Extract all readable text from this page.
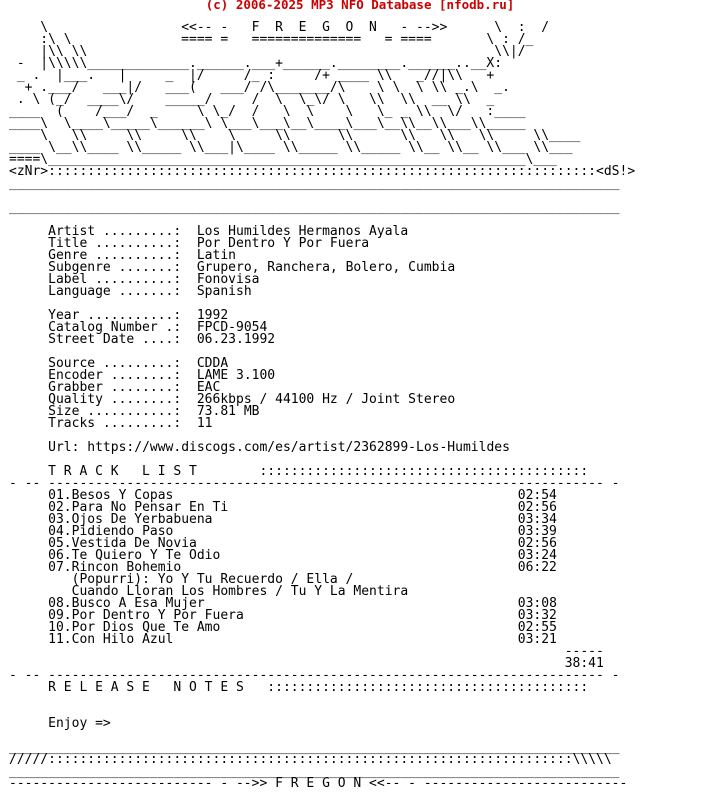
(c) 2006-2025 MP3 NFO Database [nfodb.ru]
\                 <<-- -   F  R  E  G  O  N   - -->>	\  :  /
:\ \              ==== =   ==============   = ====       \ : /_
|\\ \\                                                    \\|/
-  |\\\\\_____________.______.___+______.________.______..__X:
_ .  |___.   |     _  |/     /_ :     /+ ____ \\   _//|\\   +
+ .___/   ___|/   ___(   ___/ /\_______/\    \ \  \ \\ _.\  _.
. \ (_/  ____\/    _____/     /  \  \_\/ \   \\  \\  __ \\  _
____  (    /___/  _     \ \_/  /   \  \    \   \_ _ \\  \/   :____
____\  \____\_____\______\ \___\___\__\____\___\__\\__\\___\\_____
\   \\     \\     \\    \     \\      \\      \\   \\   \\     \\____
____ \__\\____ \\_____ \\___|\____ \\_____ \\_____ \\__ \\__ \\___ \\___
====\_____________________________________________________________\___
<zNr>::::::::::::::::::::::::::::::::::::::::::::::::::::::::::::::::::::::<dS!>
______________________________________________________________________________

______________________________________________________________________________

Artist .........: Los Humildes Hermanos Ayala
Title ..........: Por Dentro Y Por Fuera
Genre ..........: Latin
Subgenre .......: Grupero, Ranchera, Bolero, Cumbia
Label ..........: Fonovisa
Language .......: Spanish

Year ...........: 1992
Catalog Number .: FPCD-9054
Street Date ....: 06.23.1992

Source .........: CDDA
Encoder ........: LAME 3.100
Grabber ........: EAC
Quality ........: 266kbps / 44100 Hz / Joint Stereo
Size ...........: 73.81 MB
Tracks .........: 11

Url: https://www.discogs.com/es/artist/2362899-Los-Humildes

T R A C K   L I S T	::::::::::::::::::::::::::::::::::::::::::
- -- ----------------------------------------------------------------------- -
01.Besos Y Copas	02:54
02.Para No Pensar En Ti	02:56
03.Ojos De Yerbabuena	03:34
04.Pidiendo Paso	03:39
05.Vestida De Novia	02:56
06.Te Quiero Y Te Odio	03:24
07.Rincon Bohemio	06:22
(Popurri): Yo Y Tu Recuerdo / Ella /
Cuando Lloran Los Hombres / Tu Y La Mentira
08.Busco A Esa Mujer	03:08
09.Por Dentro Y Por Fuera	03:32
10.Por Dios Que Te Amo	02:55
11.Con Hilo Azul	03:21
-----
38:41
- -- ----------------------------------------------------------------------- -
R E L E A S E   N O T E S   :::::::::::::::::::::::::::::::::::::::::

Enjoy =>

______________________________________________________________________________
/////:::::::::::::::::::::::::::::::::::::::::::::::::::::::::::::::::::\\\\\
______________________________________________________________________________
-------------------------- - -->> F R E G O N <<-- - --------------------------
